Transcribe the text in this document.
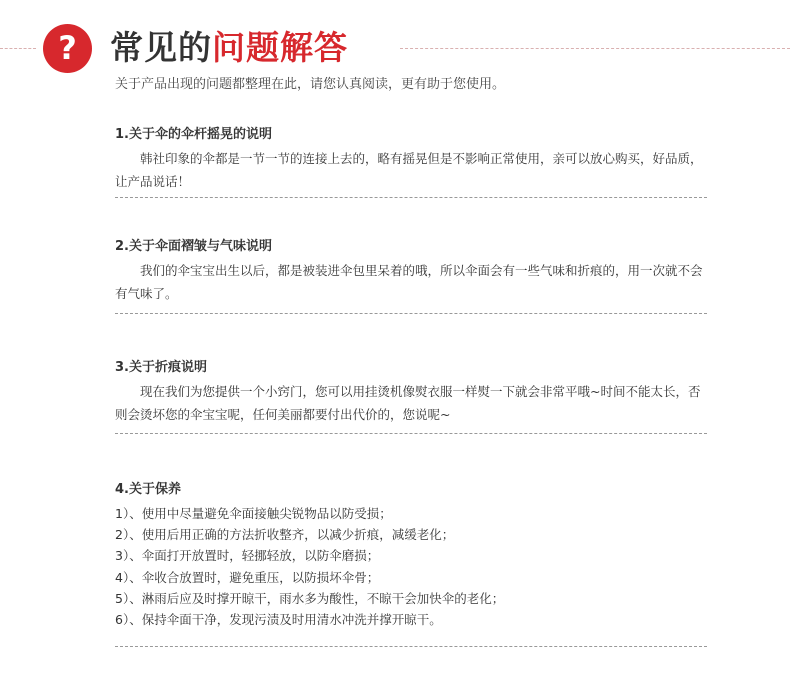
?	常见的问题解答
关于产品出现的问题都整理在此，请您认真阅读，更有助于您使用。
1.关于伞的伞杆摇晃的说明
韩社印象的伞都是一节一节的连接上去的，略有摇晃但是不影响正常使用，亲可以放心购买，好品质，让产品说话！
2.关于伞面褶皱与气味说明
我们的伞宝宝出生以后，都是被装进伞包里呆着的哦，所以伞面会有一些气味和折痕的，用一次就不会有气味了。
3.关于折痕说明
现在我们为您提供一个小窍门，您可以用挂烫机像熨衣服一样熨一下就会非常平哦~时间不能太长，否则会烫坏您的伞宝宝呢，任何美丽都要付出代价的，您说呢~
4.关于保养
1）、使用中尽量避免伞面接触尖锐物品以防受损；
2）、使用后用正确的方法折收整齐，以减少折痕，减缓老化；
3）、伞面打开放置时，轻挪轻放，以防伞磨损；
4）、伞收合放置时，避免重压，以防损坏伞骨；
5）、淋雨后应及时撑开晾干，雨水多为酸性，不晾干会加快伞的老化；
6）、保持伞面干净，发现污渍及时用清水冲洗并撑开晾干。
